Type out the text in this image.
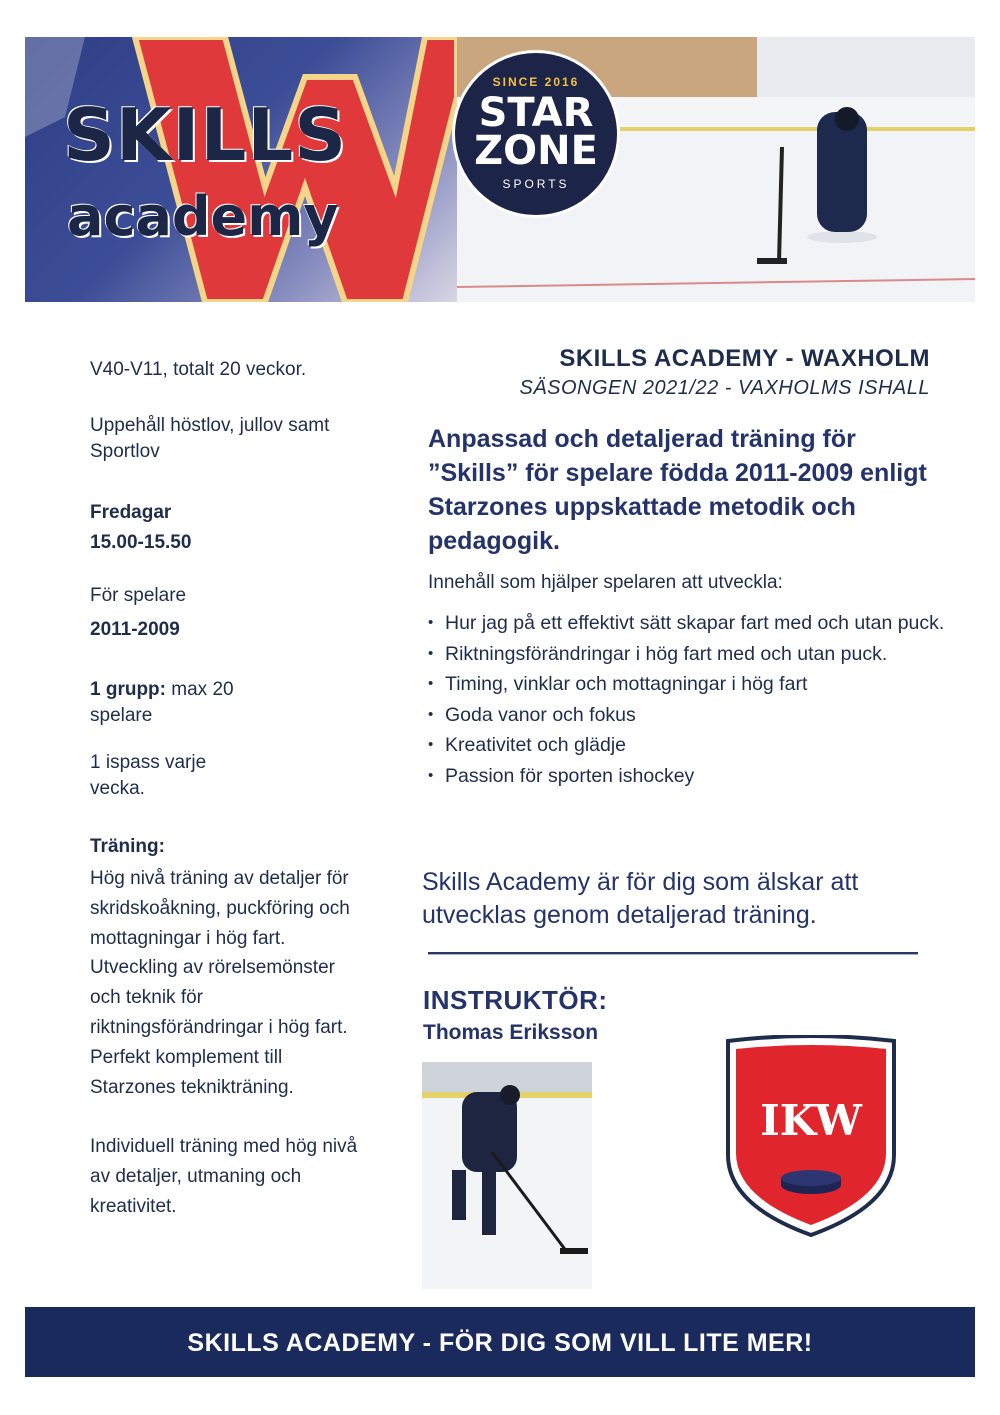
SKILLS
academy
SINCE 2016
STAR
ZONE
SPORTS
V40-V11, totalt 20 veckor.
Uppehåll höstlov, jullov samt Sportlov
Fredagar
15.00-15.50
För spelare
2011-2009
1 grupp: max 20 spelare
1 ispass varje vecka.
Träning:
Hög nivå träning av detaljer för skridskoåkning, puckföring och mottagningar i hög fart. Utveckling av rörelsemönster och teknik för riktningsförändringar i hög fart. Perfekt komplement till Starzones teknikträning.
Individuell träning med hög nivå av detaljer, utmaning och kreativitet.
SKILLS ACADEMY - WAXHOLM
SÄSONGEN 2021/22 - VAXHOLMS ISHALL
Anpassad och detaljerad träning för ”Skills” för spelare födda 2011-2009 enligt Starzones uppskattade metodik och pedagogik.
Innehåll som hjälper spelaren att utveckla:
• Hur jag på ett effektivt sätt skapar fart med och utan puck.
• Riktningsförändringar i hög fart med och utan puck.
• Timing, vinklar och mottagningar i hög fart
• Goda vanor och fokus
• Kreativitet och glädje
• Passion för sporten ishockey
Skills Academy är för dig som älskar att utvecklas genom detaljerad träning.
INSTRUKTÖR:
Thomas Eriksson
IKW
SKILLS ACADEMY - FÖR DIG SOM VILL LITE MER!
